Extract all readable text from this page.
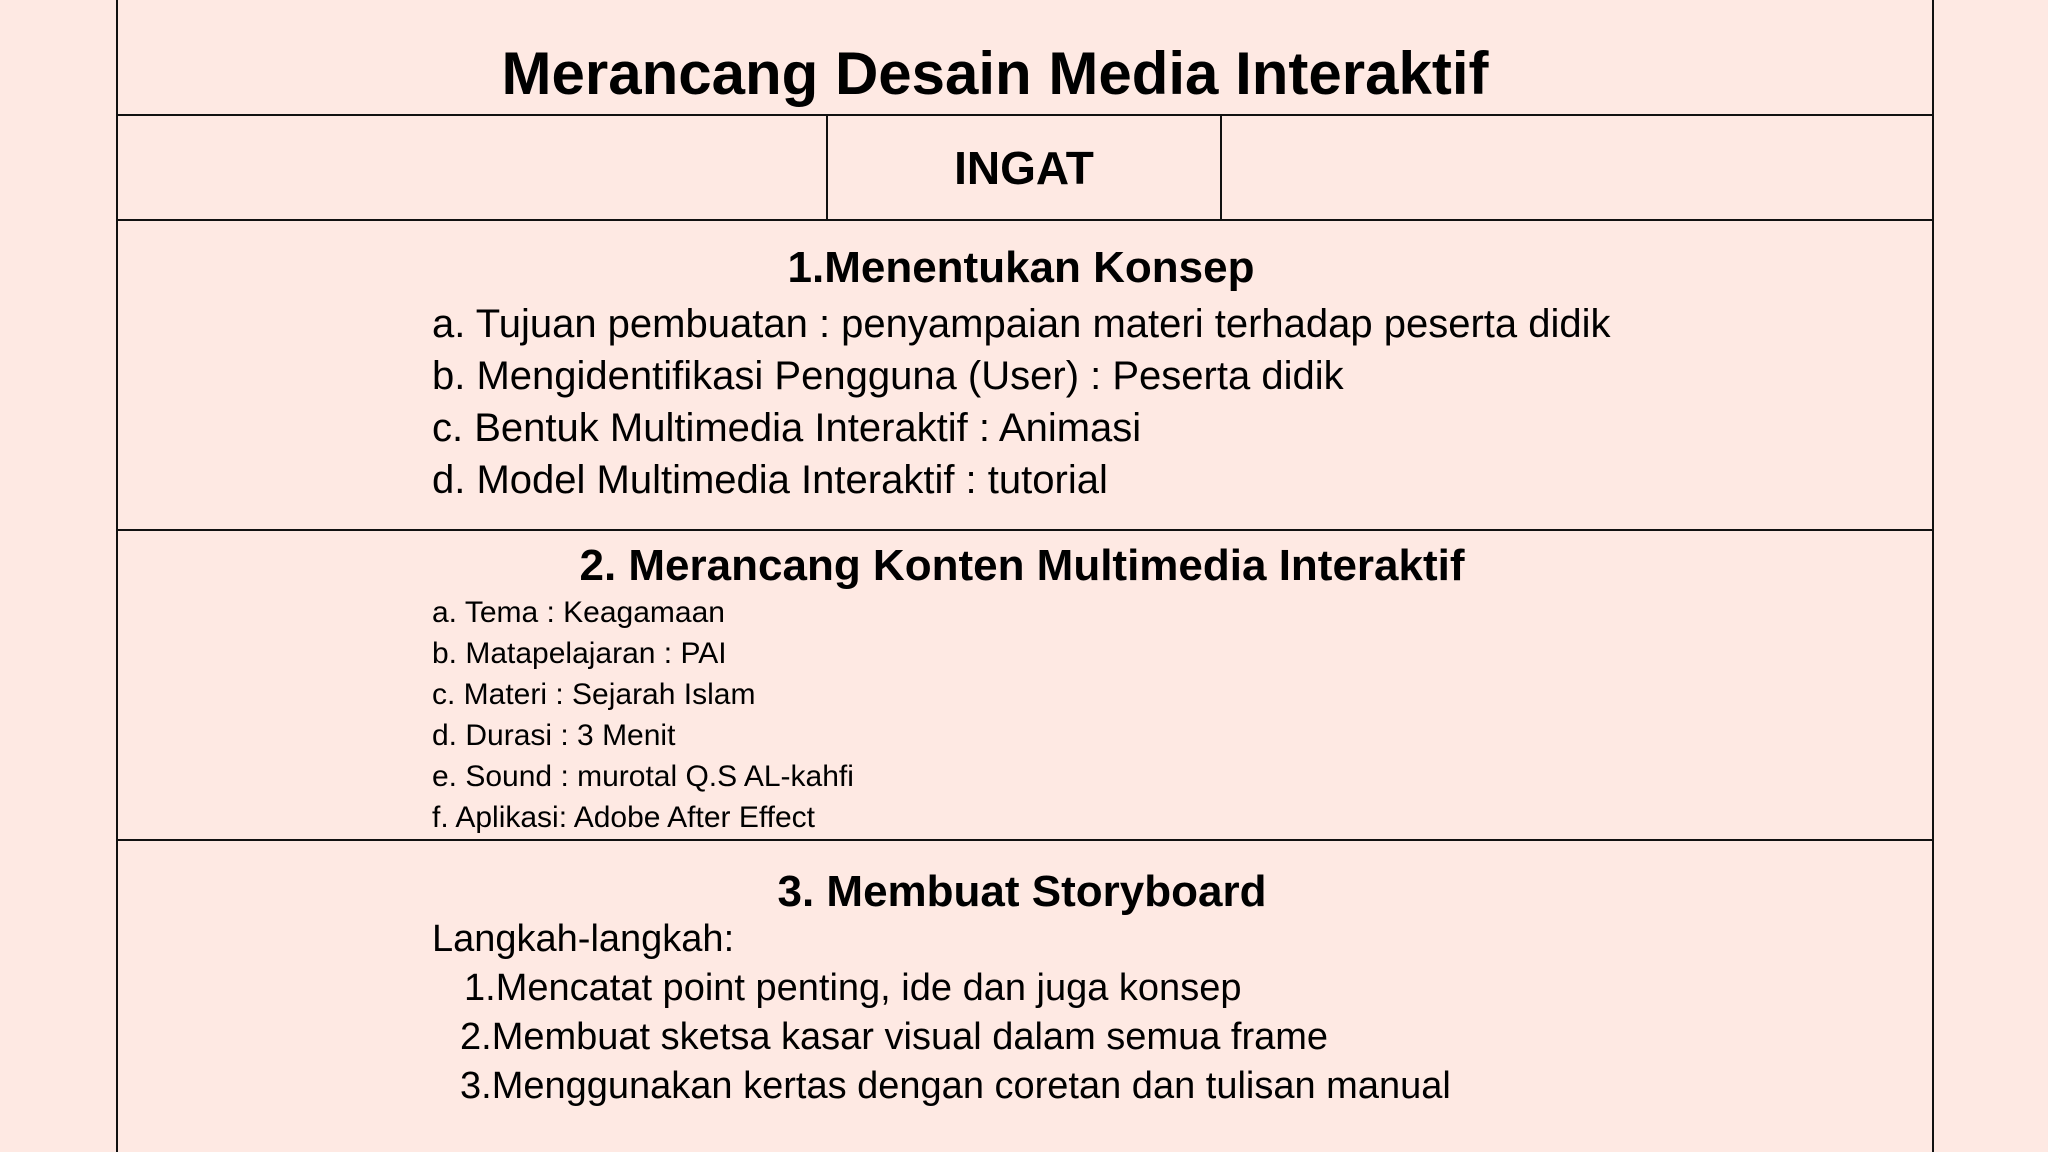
Merancang Desain Media Interaktif
INGAT
1.Menentukan Konsep
a. Tujuan pembuatan : penyampaian materi terhadap peserta didik
b. Mengidentifikasi Pengguna (User) : Peserta didik
c. Bentuk Multimedia Interaktif : Animasi
d. Model Multimedia Interaktif : tutorial
2. Merancang Konten Multimedia Interaktif
a. Tema : Keagamaan
b. Matapelajaran : PAI
c. Materi : Sejarah Islam
d. Durasi : 3 Menit
e. Sound : murotal Q.S AL-kahfi
f. Aplikasi: Adobe After Effect
3. Membuat Storyboard
Langkah-langkah:
1.Mencatat point penting, ide dan juga konsep
2.Membuat sketsa kasar visual dalam semua frame
3.Menggunakan kertas dengan coretan dan tulisan manual
